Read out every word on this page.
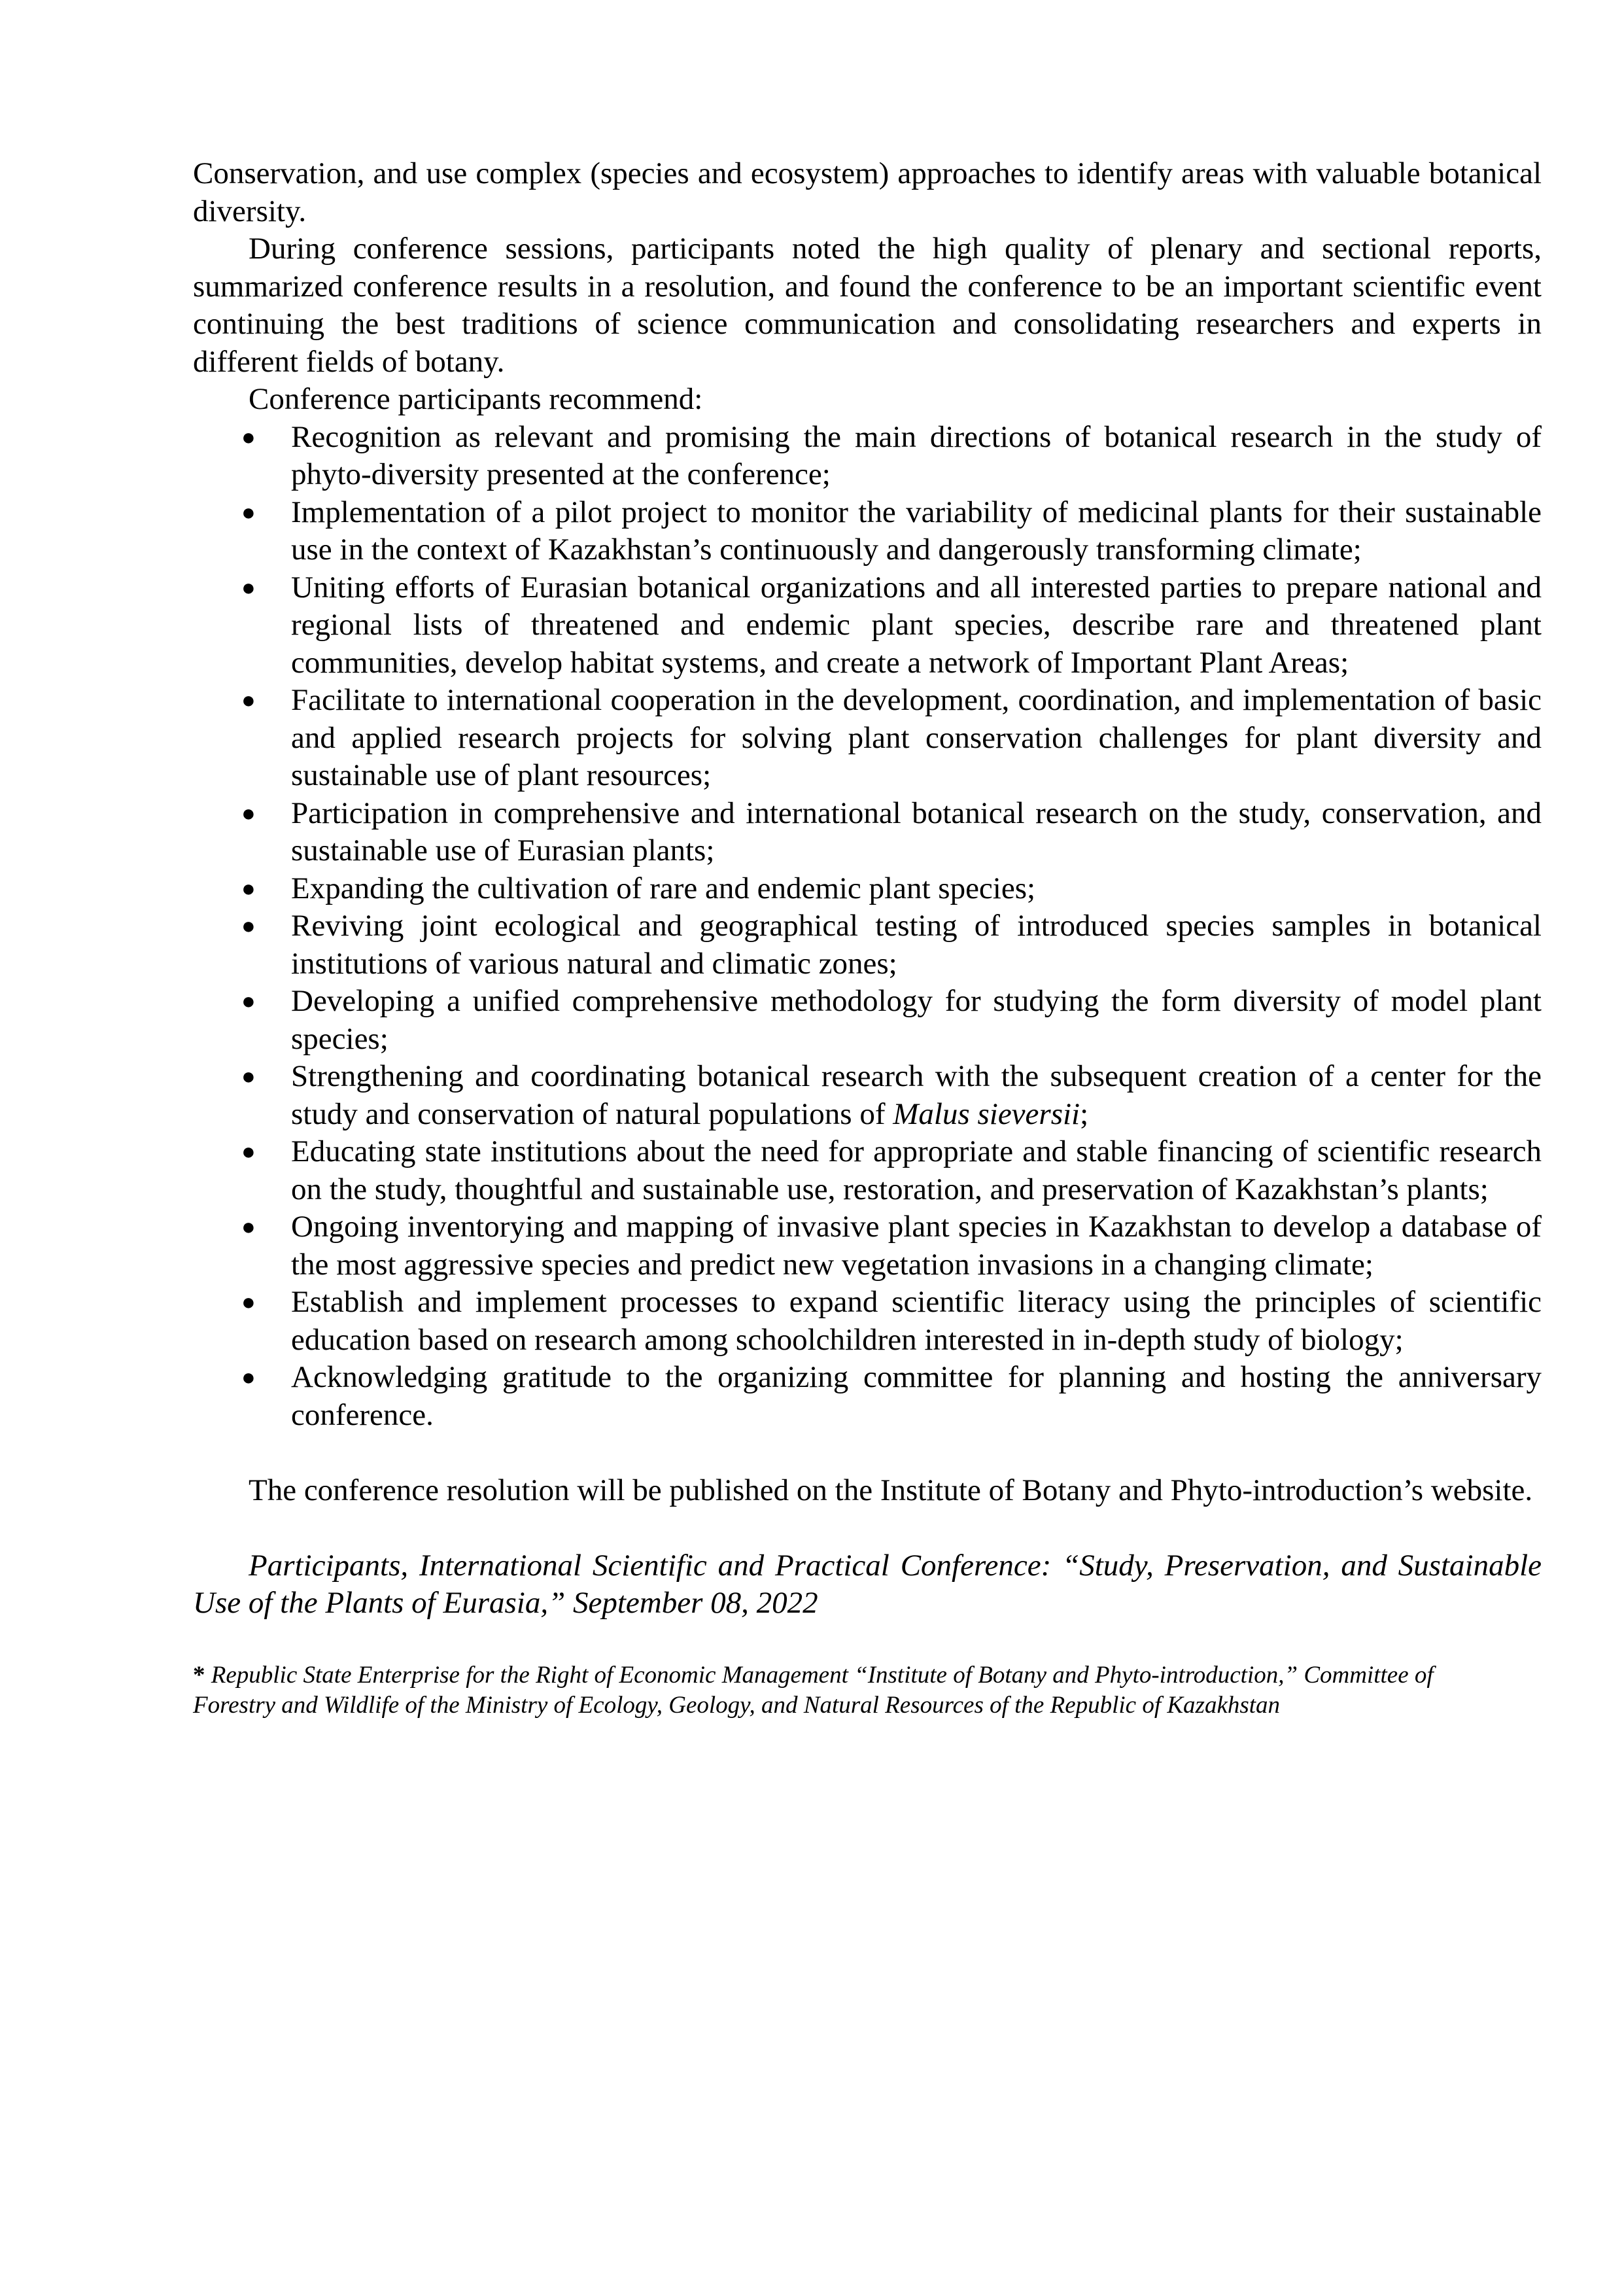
Conservation, and use complex (species and ecosystem) approaches to identify areas with valuable botanical diversity.

During conference sessions, participants noted the high quality of plenary and sectional reports, summarized conference results in a resolution, and found the conference to be an important scientific event continuing the best traditions of science communication and consolidating researchers and experts in different fields of botany.

Conference participants recommend:

● Recognition as relevant and promising the main directions of botanical research in the study of phyto-diversity presented at the conference;
● Implementation of a pilot project to monitor the variability of medicinal plants for their sustainable use in the context of Kazakhstan’s continuously and dangerously transforming climate;
● Uniting efforts of Eurasian botanical organizations and all interested parties to prepare national and regional lists of threatened and endemic plant species, describe rare and threatened plant communities, develop habitat systems, and create a network of Important Plant Areas;
● Facilitate to international cooperation in the development, coordination, and implementation of basic and applied research projects for solving plant conservation challenges for plant diversity and sustainable use of plant resources;
● Participation in comprehensive and international botanical research on the study, conservation, and sustainable use of Eurasian plants;
● Expanding the cultivation of rare and endemic plant species;
● Reviving joint ecological and geographical testing of introduced species samples in botanical institutions of various natural and climatic zones;
● Developing a unified comprehensive methodology for studying the form diversity of model plant species;
● Strengthening and coordinating botanical research with the subsequent creation of a center for the study and conservation of natural populations of Malus sieversii;
● Educating state institutions about the need for appropriate and stable financing of scientific research on the study, thoughtful and sustainable use, restoration, and preservation of Kazakhstan’s plants;
● Ongoing inventorying and mapping of invasive plant species in Kazakhstan to develop a database of the most aggressive species and predict new vegetation invasions in a changing climate;
● Establish and implement processes to expand scientific literacy using the principles of scientific education based on research among schoolchildren interested in in-depth study of biology;
● Acknowledging gratitude to the organizing committee for planning and hosting the anniversary conference.

The conference resolution will be published on the Institute of Botany and Phyto-introduction’s website.

Participants, International Scientific and Practical Conference: “Study, Preservation, and Sustainable Use of the Plants of Eurasia,” September 08, 2022

* Republic State Enterprise for the Right of Economic Management “Institute of Botany and Phyto-introduction,” Committee of Forestry and Wildlife of the Ministry of Ecology, Geology, and Natural Resources of the Republic of Kazakhstan
